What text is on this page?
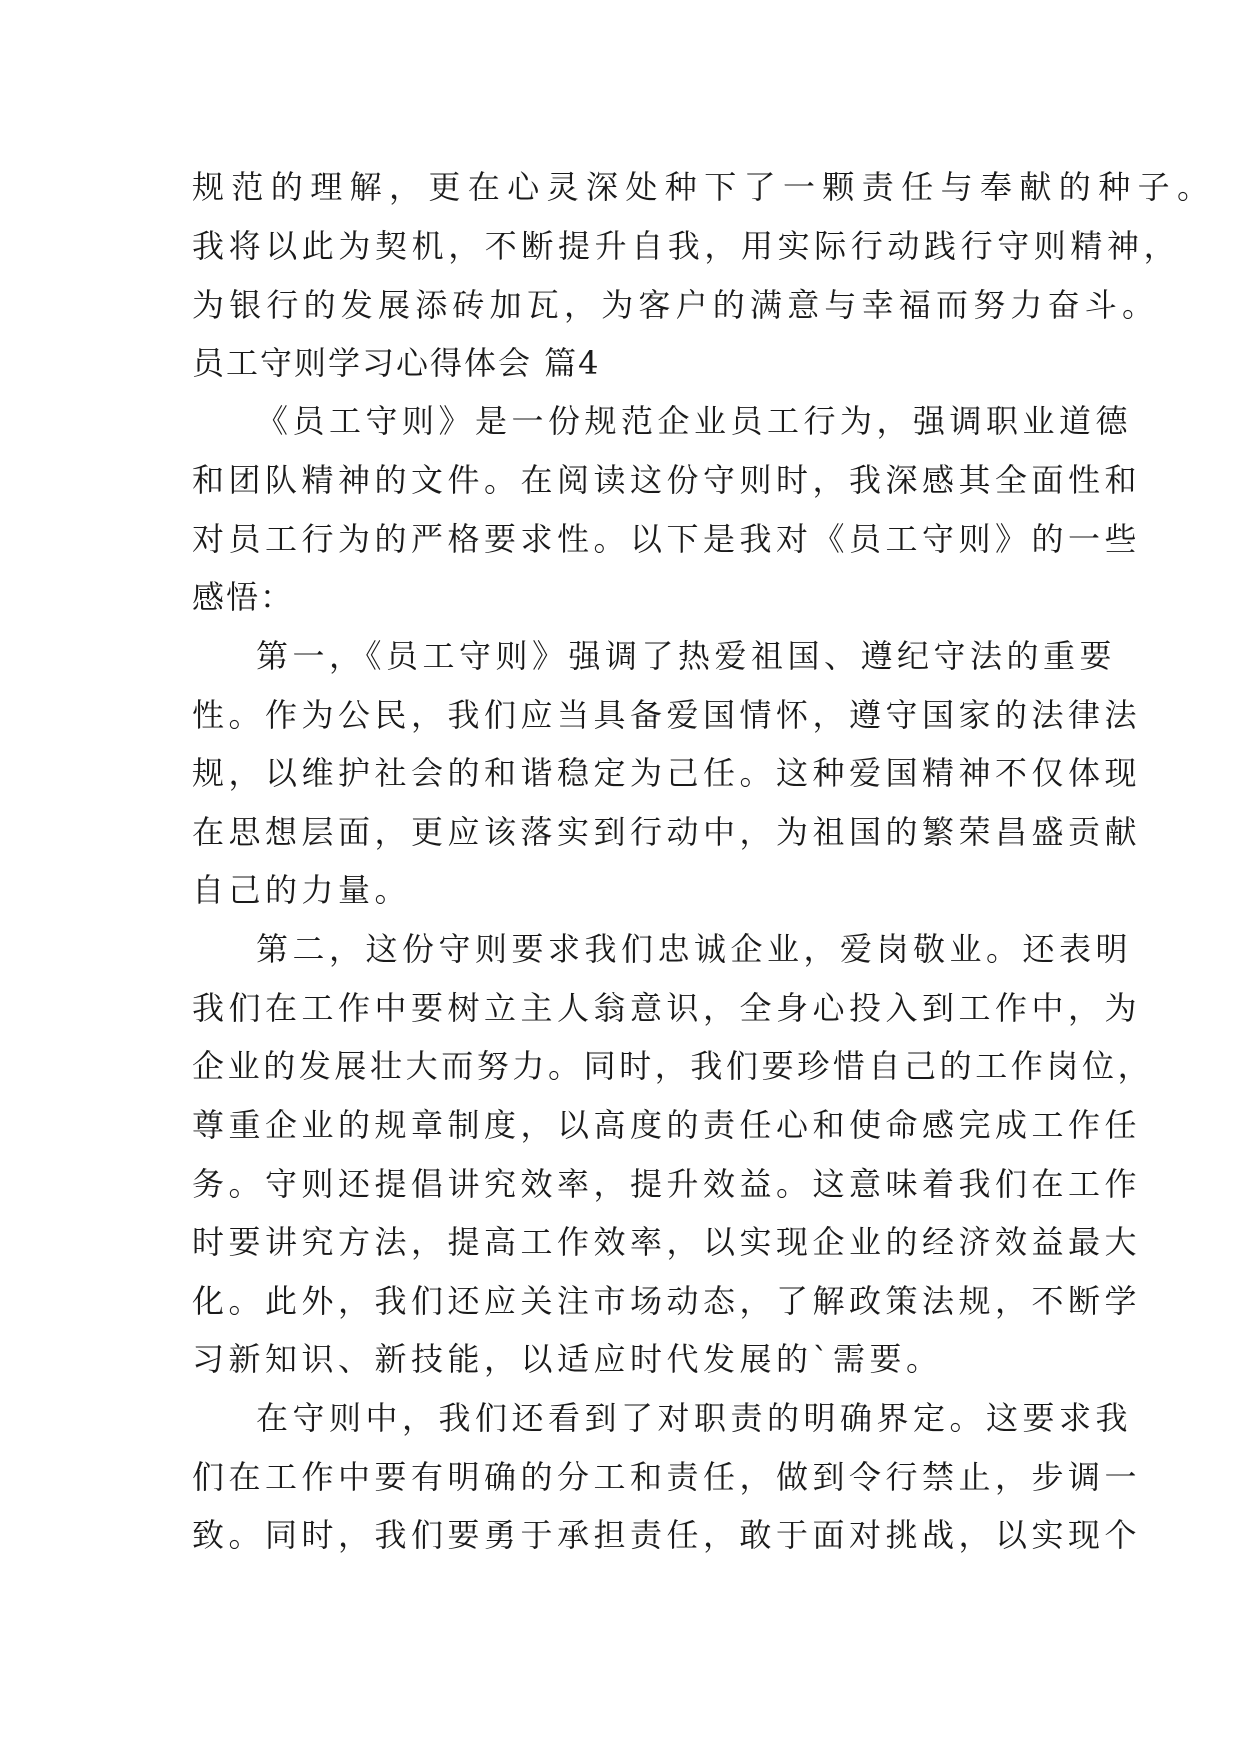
规范的理解，更在心灵深处种下了一颗责任与奉献的种子。

我将以此为契机，不断提升自我，用实际行动践行守则精神，

为银行的发展添砖加瓦，为客户的满意与幸福而努力奋斗。

员工守则学习心得体会 篇4

《员工守则》是一份规范企业员工行为，强调职业道德

和团队精神的文件。在阅读这份守则时，我深感其全面性和

对员工行为的严格要求性。以下是我对《员工守则》的一些

感悟：

第一，《员工守则》强调了热爱祖国、遵纪守法的重要

性。作为公民，我们应当具备爱国情怀，遵守国家的法律法

规，以维护社会的和谐稳定为己任。这种爱国精神不仅体现

在思想层面，更应该落实到行动中，为祖国的繁荣昌盛贡献

自己的力量。

第二，这份守则要求我们忠诚企业，爱岗敬业。还表明

我们在工作中要树立主人翁意识，全身心投入到工作中，为

企业的发展壮大而努力。同时，我们要珍惜自己的工作岗位，

尊重企业的规章制度，以高度的责任心和使命感完成工作任

务。守则还提倡讲究效率，提升效益。这意味着我们在工作

时要讲究方法，提高工作效率，以实现企业的经济效益最大

化。此外，我们还应关注市场动态，了解政策法规，不断学

习新知识、新技能，以适应时代发展的`需要。

在守则中，我们还看到了对职责的明确界定。这要求我

们在工作中要有明确的分工和责任，做到令行禁止，步调一

致。同时，我们要勇于承担责任，敢于面对挑战，以实现个
